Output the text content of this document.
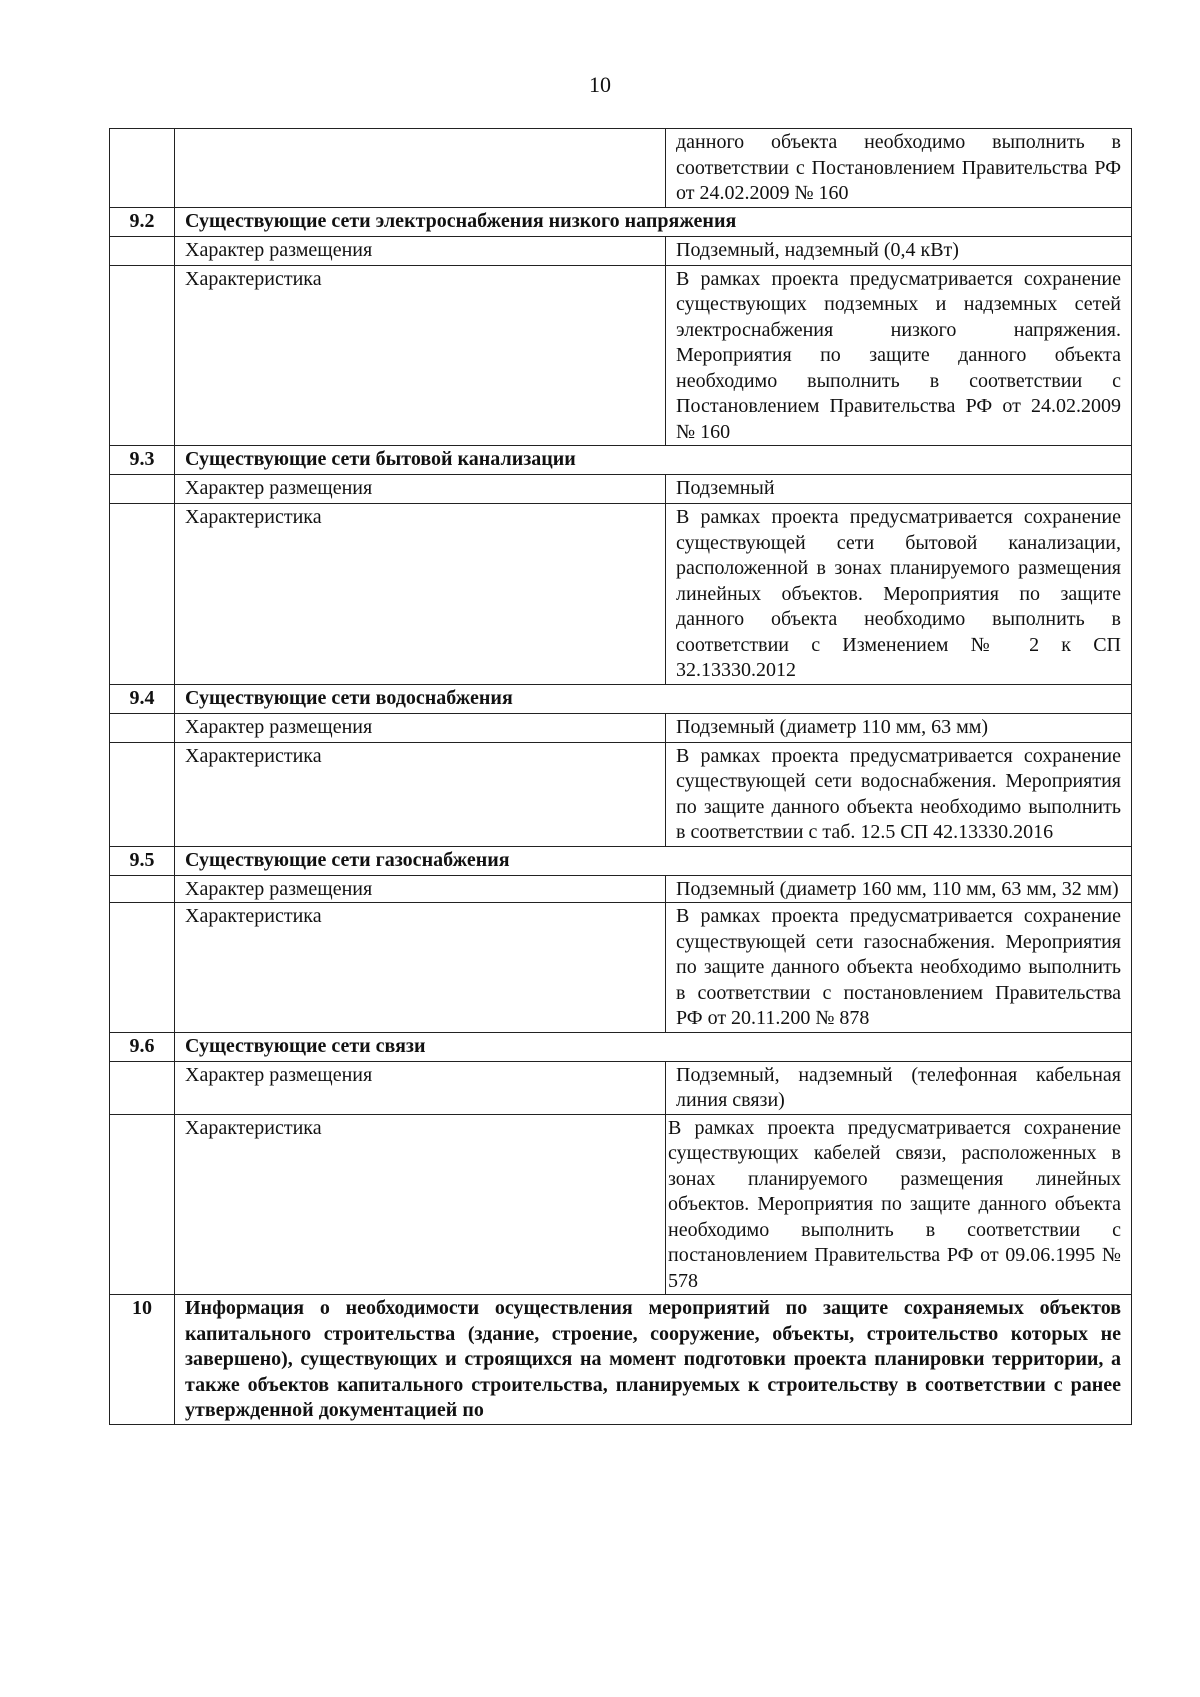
10
		данного объекта необходимо выполнить в соответствии с Постановлением Правительства РФ от 24.02.2009 № 160
9.2	Существующие сети электроснабжения низкого напряжения	
	Характер размещения	Подземный, надземный (0,4 кВт)
	Характеристика	В рамках проекта предусматривается сохранение существующих подземных и надземных сетей электроснабжения низкого напряжения. Мероприятия по защите данного объекта необходимо выполнить в соответствии с Постановлением Правительства РФ от 24.02.2009 № 160
9.3	Существующие сети бытовой канализации	
	Характер размещения	Подземный
	Характеристика	В рамках проекта предусматривается сохранение существующей сети бытовой канализации, расположенной в зонах планируемого размещения линейных объектов. Мероприятия по защите данного объекта необходимо выполнить в соответствии с Изменением № 2 к СП 32.13330.2012
9.4	Существующие сети водоснабжения	
	Характер размещения	Подземный (диаметр 110 мм, 63 мм)
	Характеристика	В рамках проекта предусматривается сохранение существующей сети водоснабжения. Мероприятия по защите данного объекта необходимо выполнить в соответствии с таб. 12.5 СП 42.13330.2016
9.5	Существующие сети газоснабжения	
	Характер размещения	Подземный (диаметр 160 мм, 110 мм, 63 мм, 32 мм)
	Характеристика	В рамках проекта предусматривается сохранение существующей сети газоснабжения. Мероприятия по защите данного объекта необходимо выполнить в соответствии с постановлением Правительства РФ от 20.11.200 № 878
9.6	Существующие сети связи	
	Характер размещения	Подземный, надземный (телефонная кабельная линия связи)
	Характеристика	В рамках проекта предусматривается сохранение существующих кабелей связи, расположенных в зонах планируемого размещения линейных объектов. Мероприятия по защите данного объекта необходимо выполнить в соответствии с постановлением Правительства РФ от 09.06.1995 № 578
10	Информация о необходимости осуществления мероприятий по защите сохраняемых объектов капитального строительства (здание, строение, сооружение, объекты, строительство которых не завершено), существующих и строящихся на момент подготовки проекта планировки территории, а также объектов капитального строительства, планируемых к строительству в соответствии с ранее утвержденной документацией по	
